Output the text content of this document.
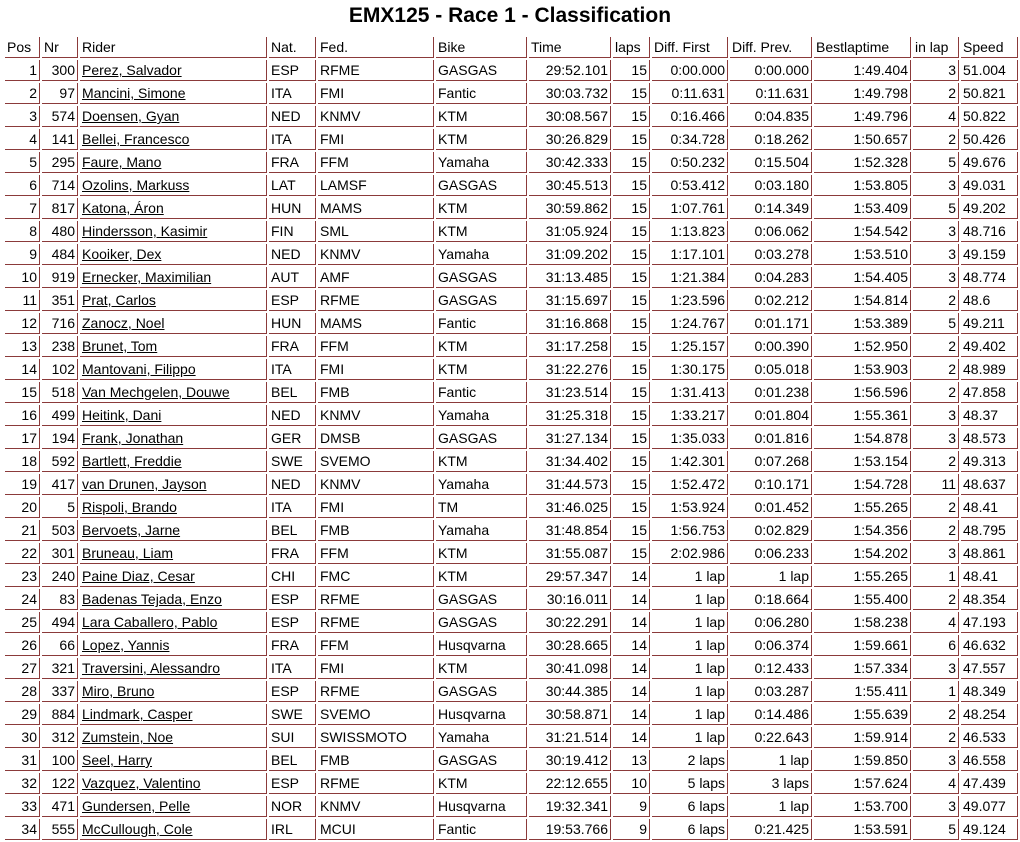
EMX125 - Race 1 - Classification
Pos	Nr	Rider	Nat.	Fed.	Bike	Time	laps	Diff. First	Diff. Prev.	Bestlaptime	in lap	Speed
1	300	Perez, Salvador	ESP	RFME	GASGAS	29:52.101	15	0:00.000	0:00.000	1:49.404	3	51.004
2	97	Mancini, Simone	ITA	FMI	Fantic	30:03.732	15	0:11.631	0:11.631	1:49.798	2	50.821
3	574	Doensen, Gyan	NED	KNMV	KTM	30:08.567	15	0:16.466	0:04.835	1:49.796	4	50.822
4	141	Bellei, Francesco	ITA	FMI	KTM	30:26.829	15	0:34.728	0:18.262	1:50.657	2	50.426
5	295	Faure, Mano	FRA	FFM	Yamaha	30:42.333	15	0:50.232	0:15.504	1:52.328	5	49.676
6	714	Ozolins, Markuss	LAT	LAMSF	GASGAS	30:45.513	15	0:53.412	0:03.180	1:53.805	3	49.031
7	817	Katona, Áron	HUN	MAMS	KTM	30:59.862	15	1:07.761	0:14.349	1:53.409	5	49.202
8	480	Hindersson, Kasimir	FIN	SML	KTM	31:05.924	15	1:13.823	0:06.062	1:54.542	3	48.716
9	484	Kooiker, Dex	NED	KNMV	Yamaha	31:09.202	15	1:17.101	0:03.278	1:53.510	3	49.159
10	919	Ernecker, Maximilian	AUT	AMF	GASGAS	31:13.485	15	1:21.384	0:04.283	1:54.405	3	48.774
11	351	Prat, Carlos	ESP	RFME	GASGAS	31:15.697	15	1:23.596	0:02.212	1:54.814	2	48.6
12	716	Zanocz, Noel	HUN	MAMS	Fantic	31:16.868	15	1:24.767	0:01.171	1:53.389	5	49.211
13	238	Brunet, Tom	FRA	FFM	KTM	31:17.258	15	1:25.157	0:00.390	1:52.950	2	49.402
14	102	Mantovani, Filippo	ITA	FMI	KTM	31:22.276	15	1:30.175	0:05.018	1:53.903	2	48.989
15	518	Van Mechgelen, Douwe	BEL	FMB	Fantic	31:23.514	15	1:31.413	0:01.238	1:56.596	2	47.858
16	499	Heitink, Dani	NED	KNMV	Yamaha	31:25.318	15	1:33.217	0:01.804	1:55.361	3	48.37
17	194	Frank, Jonathan	GER	DMSB	GASGAS	31:27.134	15	1:35.033	0:01.816	1:54.878	3	48.573
18	592	Bartlett, Freddie	SWE	SVEMO	KTM	31:34.402	15	1:42.301	0:07.268	1:53.154	2	49.313
19	417	van Drunen, Jayson	NED	KNMV	Yamaha	31:44.573	15	1:52.472	0:10.171	1:54.728	11	48.637
20	5	Rispoli, Brando	ITA	FMI	TM	31:46.025	15	1:53.924	0:01.452	1:55.265	2	48.41
21	503	Bervoets, Jarne	BEL	FMB	Yamaha	31:48.854	15	1:56.753	0:02.829	1:54.356	2	48.795
22	301	Bruneau, Liam	FRA	FFM	KTM	31:55.087	15	2:02.986	0:06.233	1:54.202	3	48.861
23	240	Paine Diaz, Cesar	CHI	FMC	KTM	29:57.347	14	1 lap	1 lap	1:55.265	1	48.41
24	83	Badenas Tejada, Enzo	ESP	RFME	GASGAS	30:16.011	14	1 lap	0:18.664	1:55.400	2	48.354
25	494	Lara Caballero, Pablo	ESP	RFME	GASGAS	30:22.291	14	1 lap	0:06.280	1:58.238	4	47.193
26	66	Lopez, Yannis	FRA	FFM	Husqvarna	30:28.665	14	1 lap	0:06.374	1:59.661	6	46.632
27	321	Traversini, Alessandro	ITA	FMI	KTM	30:41.098	14	1 lap	0:12.433	1:57.334	3	47.557
28	337	Miro, Bruno	ESP	RFME	GASGAS	30:44.385	14	1 lap	0:03.287	1:55.411	1	48.349
29	884	Lindmark, Casper	SWE	SVEMO	Husqvarna	30:58.871	14	1 lap	0:14.486	1:55.639	2	48.254
30	312	Zumstein, Noe	SUI	SWISSMOTO	Yamaha	31:21.514	14	1 lap	0:22.643	1:59.914	2	46.533
31	100	Seel, Harry	BEL	FMB	GASGAS	30:19.412	13	2 laps	1 lap	1:59.850	3	46.558
32	122	Vazquez, Valentino	ESP	RFME	KTM	22:12.655	10	5 laps	3 laps	1:57.624	4	47.439
33	471	Gundersen, Pelle	NOR	KNMV	Husqvarna	19:32.341	9	6 laps	1 lap	1:53.700	3	49.077
34	555	McCullough, Cole	IRL	MCUI	Fantic	19:53.766	9	6 laps	0:21.425	1:53.591	5	49.124
